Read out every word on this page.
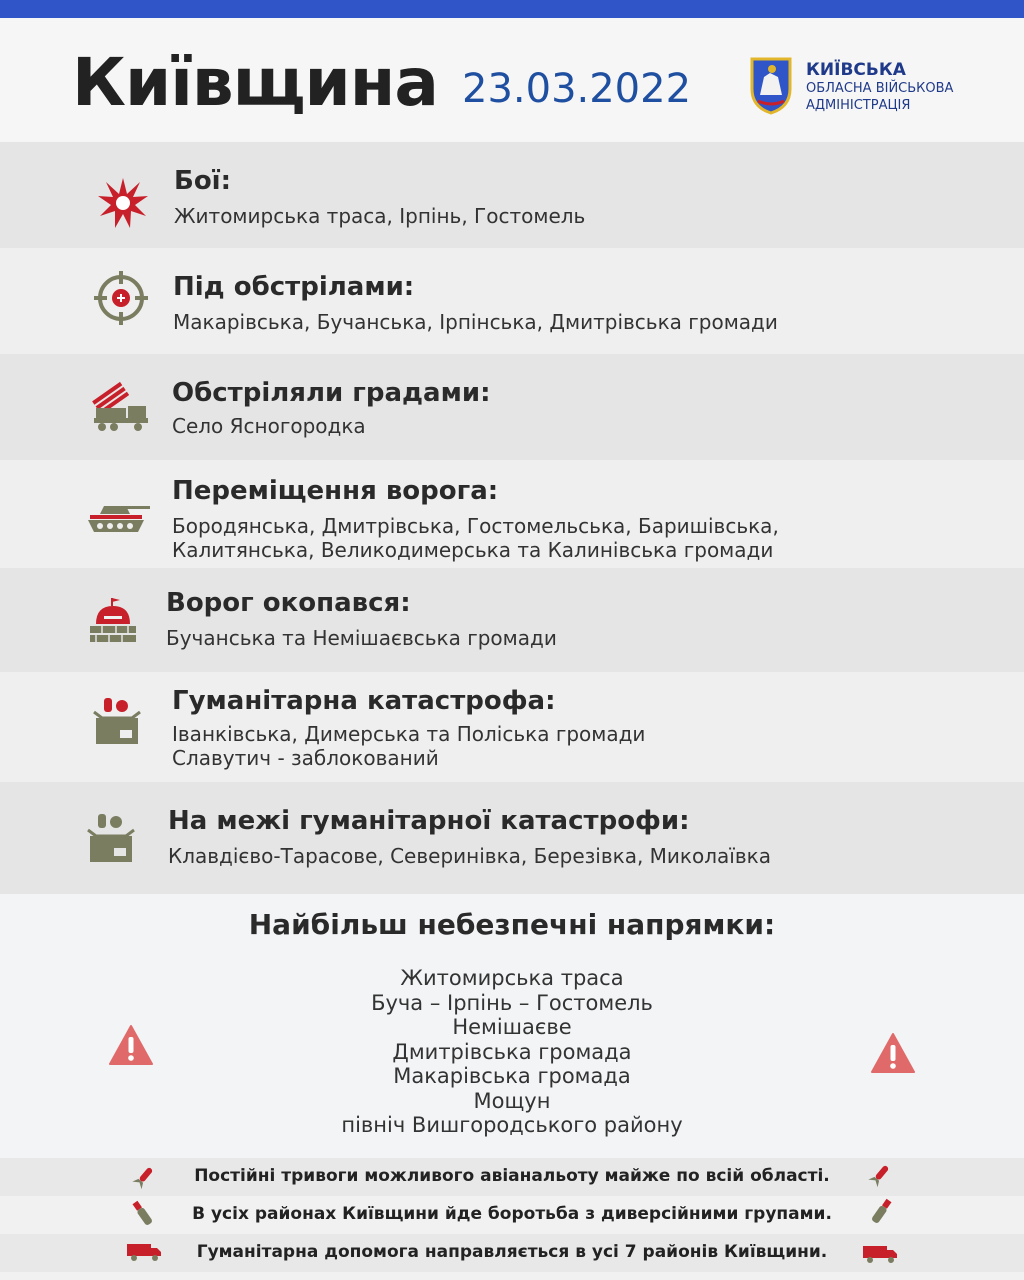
Київщина 23.03.2022	КИЇВСЬКА
ОБЛАСНА ВІЙСЬКОВА
АДМІНІСТРАЦІЯ
Бої:
Житомирська траса, Ірпінь, Гостомель
Під обстрілами:
Макарівська, Бучанська, Ірпінська, Дмитрівська громади
Обстріляли градами:
Село Ясногородка
Переміщення ворога:
Бородянська, Дмитрівська, Гостомельська, Баришівська,
Калитянська, Великодимерська та Калинівська громади
Ворог окопався:
Бучанська та Немішаєвська громади
Гуманітарна катастрофа:
Іванківська, Димерська та Поліська громади
Славутич - заблокований
На межі гуманітарної катастрофи:
Клавдієво-Тарасове, Северинівка, Березівка, Миколаївка
Найбільш небезпечні напрямки:
Житомирська траса
Буча – Ірпінь – Гостомель
Немішаєве
Дмитрівська громада
Макарівська громада
Мощун
північ Вишгородського району
Постійні тривоги можливого авіанальоту майже по всій області.
В усіх районах Київщини йде боротьба з диверсійними групами.
Гуманітарна допомога направляється в усі 7 районів Київщини.
